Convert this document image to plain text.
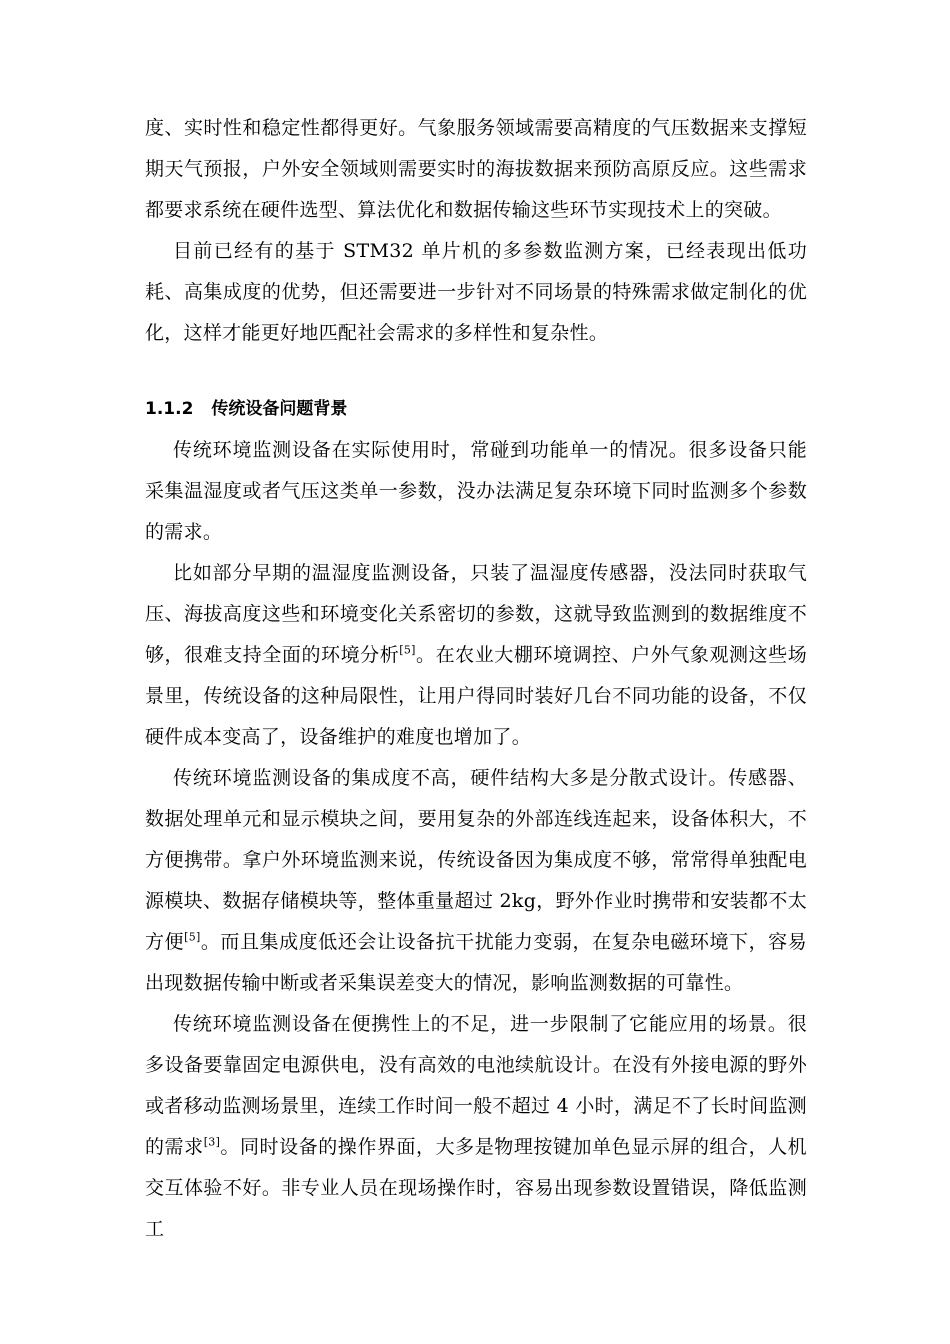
度、实时性和稳定性都得更好。气象服务领域需要高精度的气压数据来支撑短期天气预报，户外安全领域则需要实时的海拔数据来预防高原反应。这些需求都要求系统在硬件选型、算法优化和数据传输这些环节实现技术上的突破。

目前已经有的基于 STM32 单片机的多参数监测方案，已经表现出低功耗、高集成度的优势，但还需要进一步针对不同场景的特殊需求做定制化的优化，这样才能更好地匹配社会需求的多样性和复杂性。

1.1.2 传统设备问题背景

传统环境监测设备在实际使用时，常碰到功能单一的情况。很多设备只能采集温湿度或者气压这类单一参数，没办法满足复杂环境下同时监测多个参数的需求。

比如部分早期的温湿度监测设备，只装了温湿度传感器，没法同时获取气压、海拔高度这些和环境变化关系密切的参数，这就导致监测到的数据维度不够，很难支持全面的环境分析[5]。在农业大棚环境调控、户外气象观测这些场景里，传统设备的这种局限性，让用户得同时装好几台不同功能的设备，不仅硬件成本变高了，设备维护的难度也增加了。

传统环境监测设备的集成度不高，硬件结构大多是分散式设计。传感器、数据处理单元和显示模块之间，要用复杂的外部连线连起来，设备体积大，不方便携带。拿户外环境监测来说，传统设备因为集成度不够，常常得单独配电源模块、数据存储模块等，整体重量超过 2kg，野外作业时携带和安装都不太方便[5]。而且集成度低还会让设备抗干扰能力变弱，在复杂电磁环境下，容易出现数据传输中断或者采集误差变大的情况，影响监测数据的可靠性。

传统环境监测设备在便携性上的不足，进一步限制了它能应用的场景。很多设备要靠固定电源供电，没有高效的电池续航设计。在没有外接电源的野外或者移动监测场景里，连续工作时间一般不超过 4 小时，满足不了长时间监测的需求[3]。同时设备的操作界面，大多是物理按键加单色显示屏的组合，人机交互体验不好。非专业人员在现场操作时，容易出现参数设置错误，降低监测工
